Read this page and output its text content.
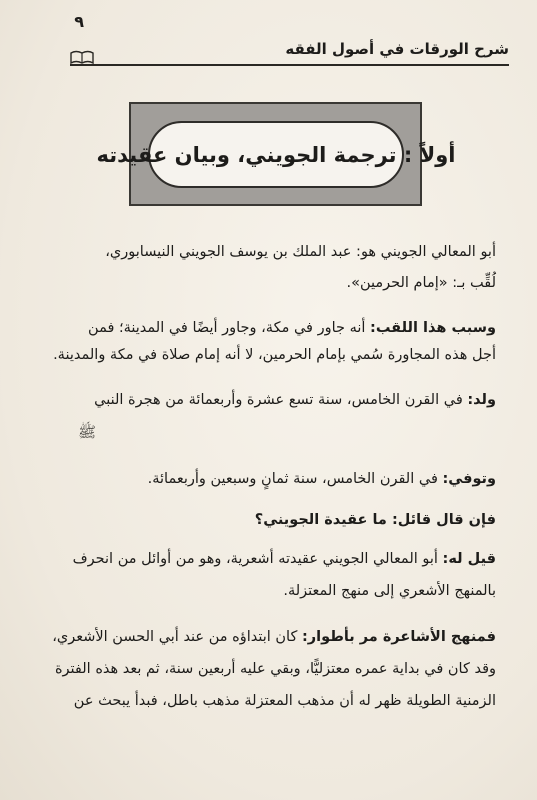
٩
شرح الورقات في أصول الفقه
أولاً : ترجمة الجويني، وبيان عقيدته
أبو المعالي الجويني هو: عبد الملك بن يوسف الجويني النيسابوري،
لُقِّب بـ: «إمام الحرمين».
وسبب هذا اللقب: أنه جاور في مكة، وجاور أيضًا في المدينة؛ فمن
أجل هذه المجاورة سُمي بإمام الحرمين، لا أنه إمام صلاة في مكة والمدينة.
ولد: في القرن الخامس، سنة تسع عشرة وأربعمائة من هجرة النبي
ﷺ
وتوفي: في القرن الخامس، سنة ثمانٍ وسبعين وأربعمائة.
فإن قال قائل: ما عقيدة الجويني؟
قيل له: أبو المعالي الجويني عقيدته أشعرية، وهو من أوائل من انحرف
بالمنهج الأشعري إلى منهج المعتزلة.
فمنهج الأشاعرة مر بأطوار: كان ابتداؤه من عند أبي الحسن الأشعري،
وقد كان في بداية عمره معتزليًّا، وبقي عليه أربعين سنة، ثم بعد هذه الفترة
الزمنية الطويلة ظهر له أن مذهب المعتزلة مذهب باطل، فبدأ يبحث عن
